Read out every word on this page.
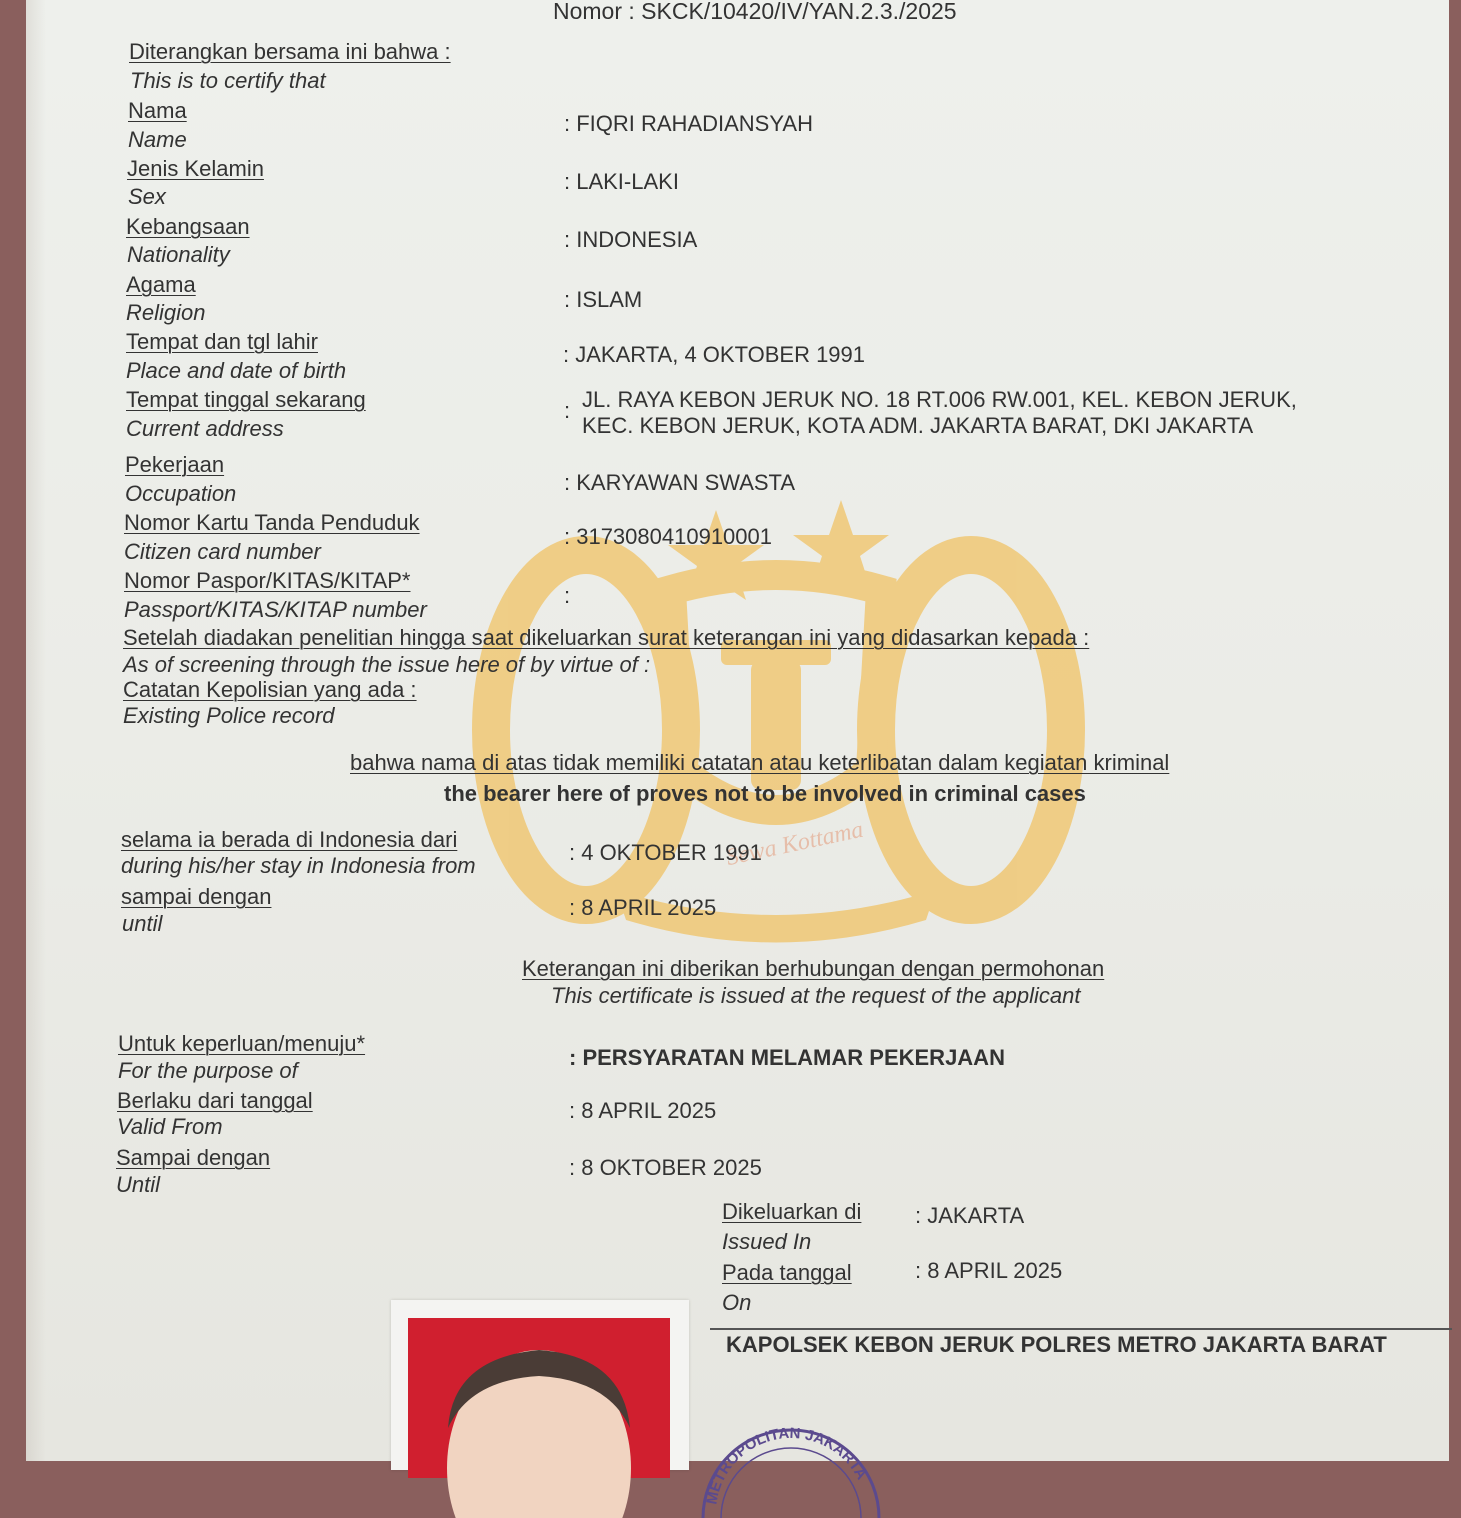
Sewa Kottama
Nomor : SKCK/10420/IV/YAN.2.3./2025
Diterangkan bersama ini bahwa :
This is to certify that
Nama
Name
: FIQRI RAHADIANSYAH
Jenis Kelamin
Sex
: LAKI-LAKI
Kebangsaan
Nationality
: INDONESIA
Agama
Religion
: ISLAM
Tempat dan tgl lahir
Place and date of birth
: JAKARTA, 4 OKTOBER 1991
Tempat tinggal sekarang
Current address
: JL. RAYA KEBON JERUK NO. 18 RT.006 RW.001, KEL. KEBON JERUK,
KEC. KEBON JERUK, KOTA ADM. JAKARTA BARAT, DKI JAKARTA
Pekerjaan
Occupation	: KARYAWAN SWASTA
Nomor Kartu Tanda Penduduk
Citizen card number
: 3173080410910001
Nomor Paspor/KITAS/KITAP*
Passport/KITAS/KITAP number
:
Setelah diadakan penelitian hingga saat dikeluarkan surat keterangan ini yang didasarkan kepada :
As of screening through the issue here of by virtue of :
Catatan Kepolisian yang ada :
Existing Police record
bahwa nama di atas tidak memiliki catatan atau keterlibatan dalam kegiatan kriminal
the bearer here of proves not to be involved in criminal cases
selama ia berada di Indonesia dari
during his/her stay in Indonesia from
: 4 OKTOBER 1991
sampai dengan
until
: 8 APRIL 2025
Keterangan ini diberikan berhubungan dengan permohonan
This certificate is issued at the request of the applicant
Untuk keperluan/menuju*
For the purpose of
: PERSYARATAN MELAMAR PEKERJAAN
Berlaku dari tanggal
Valid From
: 8 APRIL 2025
Sampai dengan
Until
: 8 OKTOBER 2025
Dikeluarkan di
Issued In
: JAKARTA
Pada tanggal
On
: 8 APRIL 2025
KAPOLSEK KEBON JERUK POLRES METRO JAKARTA BARAT
METROPOLITAN JAKARTA
